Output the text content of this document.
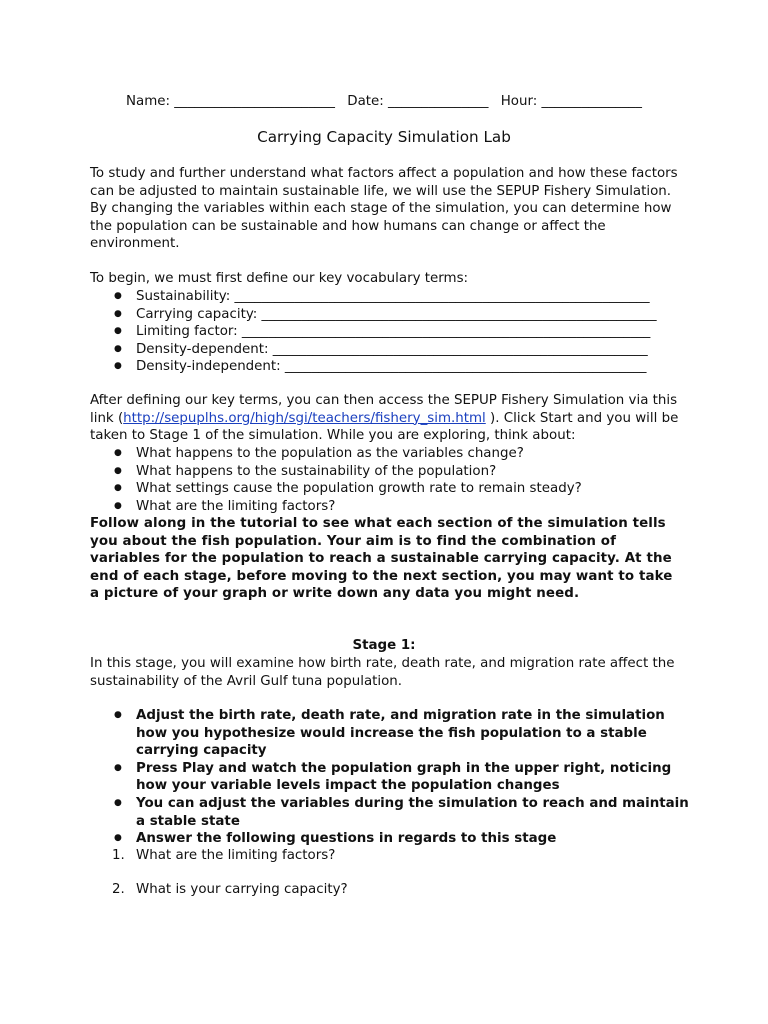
Name: ________________________ Date: _______________ Hour: _______________
Carrying Capacity Simulation Lab

To study and further understand what factors affect a population and how these factors can be adjusted to maintain sustainable life, we will use the SEPUP Fishery Simulation. By changing the variables within each stage of the simulation, you can determine how the population can be sustainable and how humans can change or affect the environment.

To begin, we must first define our key vocabulary terms:

● Sustainability: ______________________________________________________________
● Carrying capacity: ___________________________________________________________
● Limiting factor: _____________________________________________________________
● Density-dependent: ________________________________________________________
● Density-independent: ______________________________________________________

After defining our key terms, you can then access the SEPUP Fishery Simulation via this link (http://sepuplhs.org/high/sgi/teachers/fishery_sim.html ). Click Start and you will be taken to Stage 1 of the simulation. While you are exploring, think about:

● What happens to the population as the variables change?
● What happens to the sustainability of the population?
● What settings cause the population growth rate to remain steady?
● What are the limiting factors?

Follow along in the tutorial to see what each section of the simulation tells you about the fish population. Your aim is to find the combination of variables for the population to reach a sustainable carrying capacity. At the end of each stage, before moving to the next section, you may want to take a picture of your graph or write down any data you might need.

Stage 1:

In this stage, you will examine how birth rate, death rate, and migration rate affect the sustainability of the Avril Gulf tuna population.

● Adjust the birth rate, death rate, and migration rate in the simulation how you hypothesize would increase the fish population to a stable carrying capacity
● Press Play and watch the population graph in the upper right, noticing how your variable levels impact the population changes
● You can adjust the variables during the simulation to reach and maintain a stable state
● Answer the following questions in regards to this stage
1. What are the limiting factors?
2. What is your carrying capacity?
